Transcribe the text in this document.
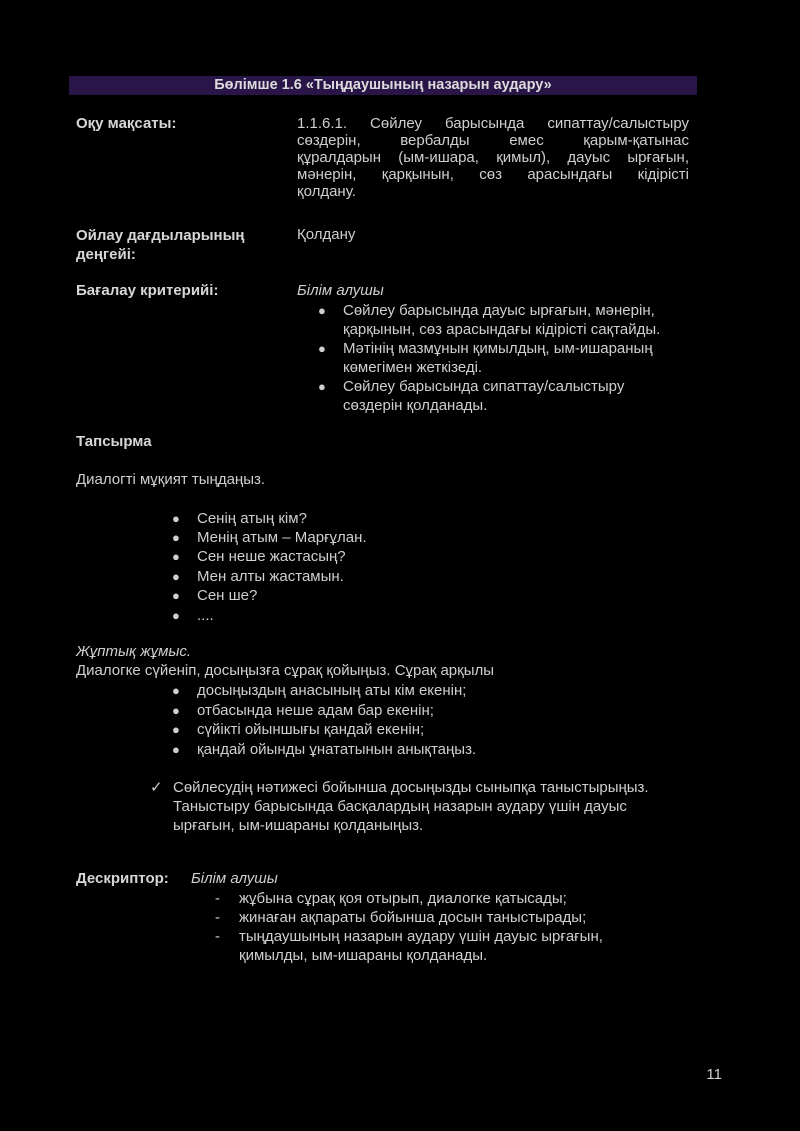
Бөлімше 1.6 «Тыңдаушының назарын аудару»
Оқу мақсаты:	1.1.6.1. Сөйлеу барысында сипаттау/салыстыру
сөздерін, вербалды емес қарым-қатынас
құралдарын (ым-ишара, қимыл), дауыс ырғағын,
мәнерін, қарқынын, сөз арасындағы кідірісті
қолдану.
Ойлау дағдыларының
деңгейі:
Қолдану
Бағалау критерийі:	Білім алушы
●	Сөйлеу барысында дауыс ырғағын, мәнерін,
қарқынын, сөз арасындағы кідірісті сақтайды.
●	Мәтінің мазмұнын қимылдың, ым-ишараның
көмегімен жеткізеді.
●	Сөйлеу барысында сипаттау/салыстыру
сөздерін қолданады.
Тапсырма
Диалогті мұқият тыңдаңыз.
●	Сенің атың кім?
●	Менің атым – Марғұлан.
●	Сен неше жастасың?
●	Мен алты жастамын.
●	Сен ше?
●	....
Жұптық жұмыс.
Диалогке сүйеніп, досыңызға сұрақ қойыңыз. Сұрақ арқылы
●	досыңыздың анасының аты кім екенін;
●	отбасында неше адам бар екенін;
●	сүйікті ойыншығы қандай екенін;
●	қандай ойынды ұнататынын анықтаңыз.
✓ Сөйлесудің нәтижесі бойынша досыңызды сыныпқа таныстырыңыз.
Таныстыру барысында басқалардың назарын аудару үшін дауыс
ырғағын, ым-ишараны қолданыңыз.
Дескриптор: Білім алушы
-	жұбына сұрақ қоя отырып, диалогке қатысады;
-	жинаған ақпараты бойынша досын таныстырады;
-	тыңдаушының назарын аудару үшін дауыс ырғағын,
қимылды, ым-ишараны қолданады.
11
